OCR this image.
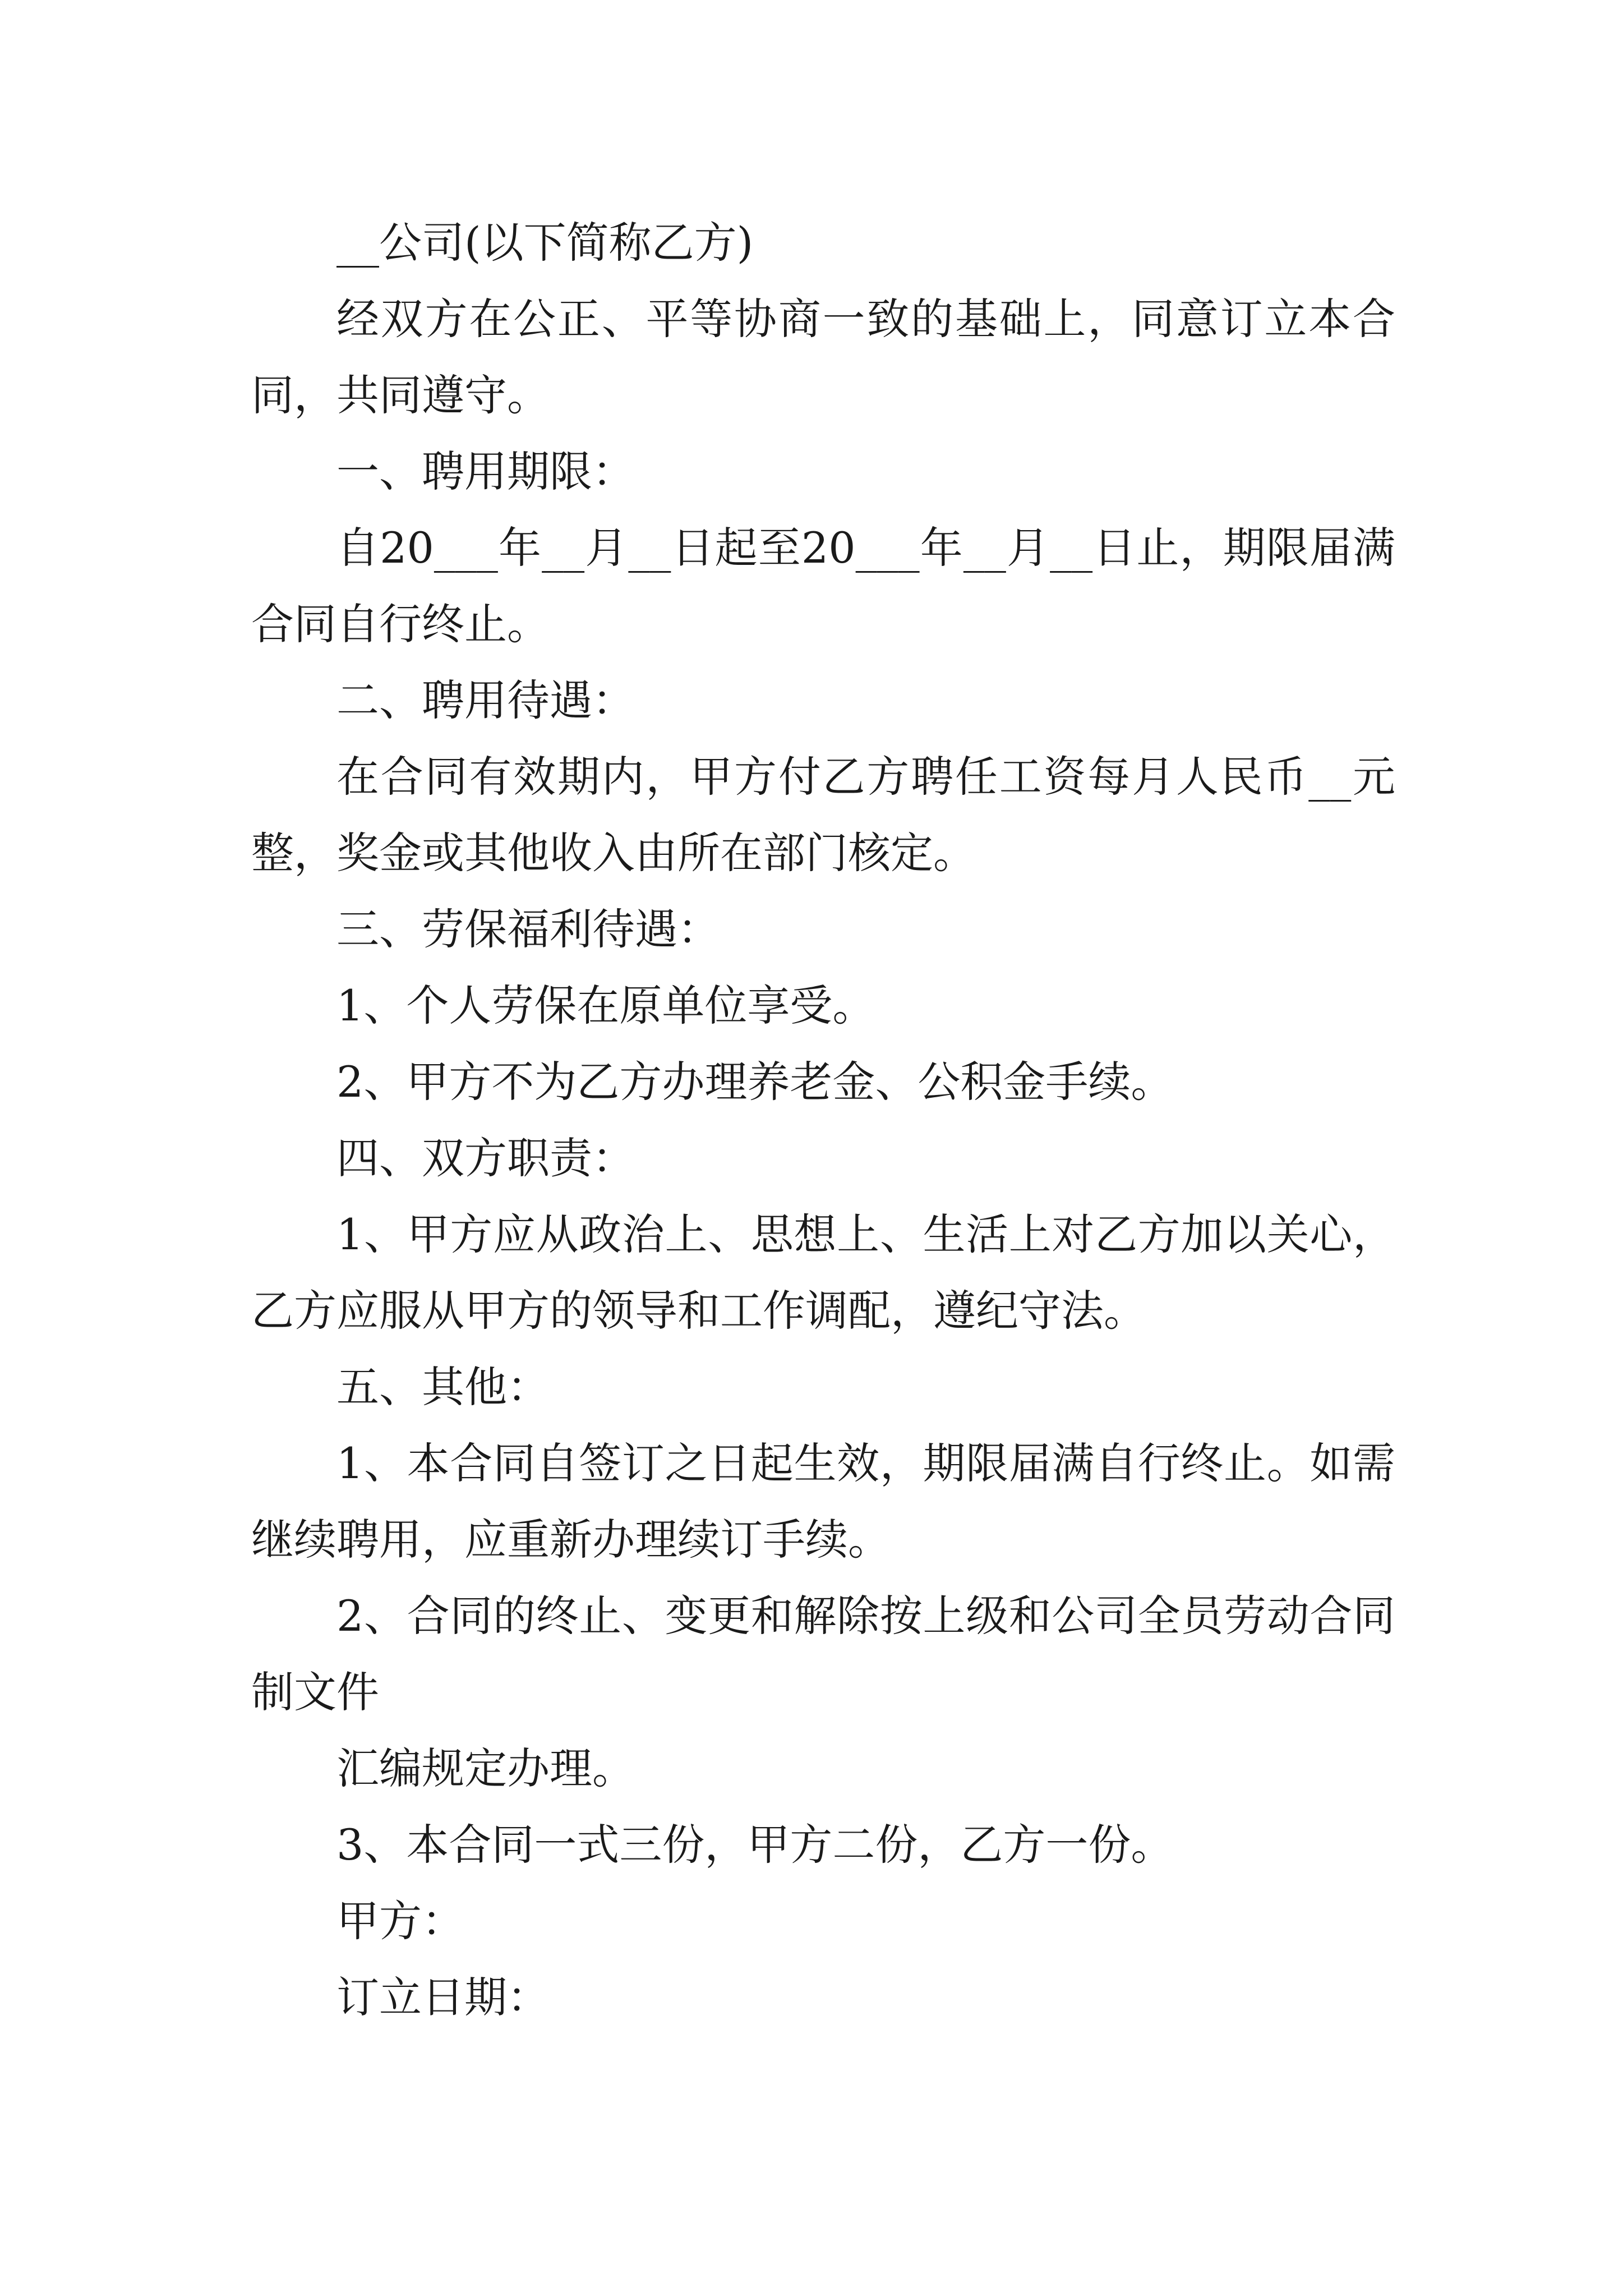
__公司(以下简称乙方)

经双方在公正、平等协商一致的基础上，同意订立本合同，共同遵守。

一、聘用期限：

自20___年__月__日起至20___年__月__日止，期限届满合同自行终止。

二、聘用待遇：

在合同有效期内，甲方付乙方聘任工资每月人民币__元整，奖金或其他收入由所在部门核定。

三、劳保福利待遇：

1、个人劳保在原单位享受。

2、甲方不为乙方办理养老金、公积金手续。

四、双方职责：

1、甲方应从政治上、思想上、生活上对乙方加以关心，乙方应服从甲方的领导和工作调配，遵纪守法。

五、其他：

1、本合同自签订之日起生效，期限届满自行终止。如需继续聘用，应重新办理续订手续。

2、合同的终止、变更和解除按上级和公司全员劳动合同制文件

汇编规定办理。

3、本合同一式三份，甲方二份，乙方一份。

甲方：

订立日期：
